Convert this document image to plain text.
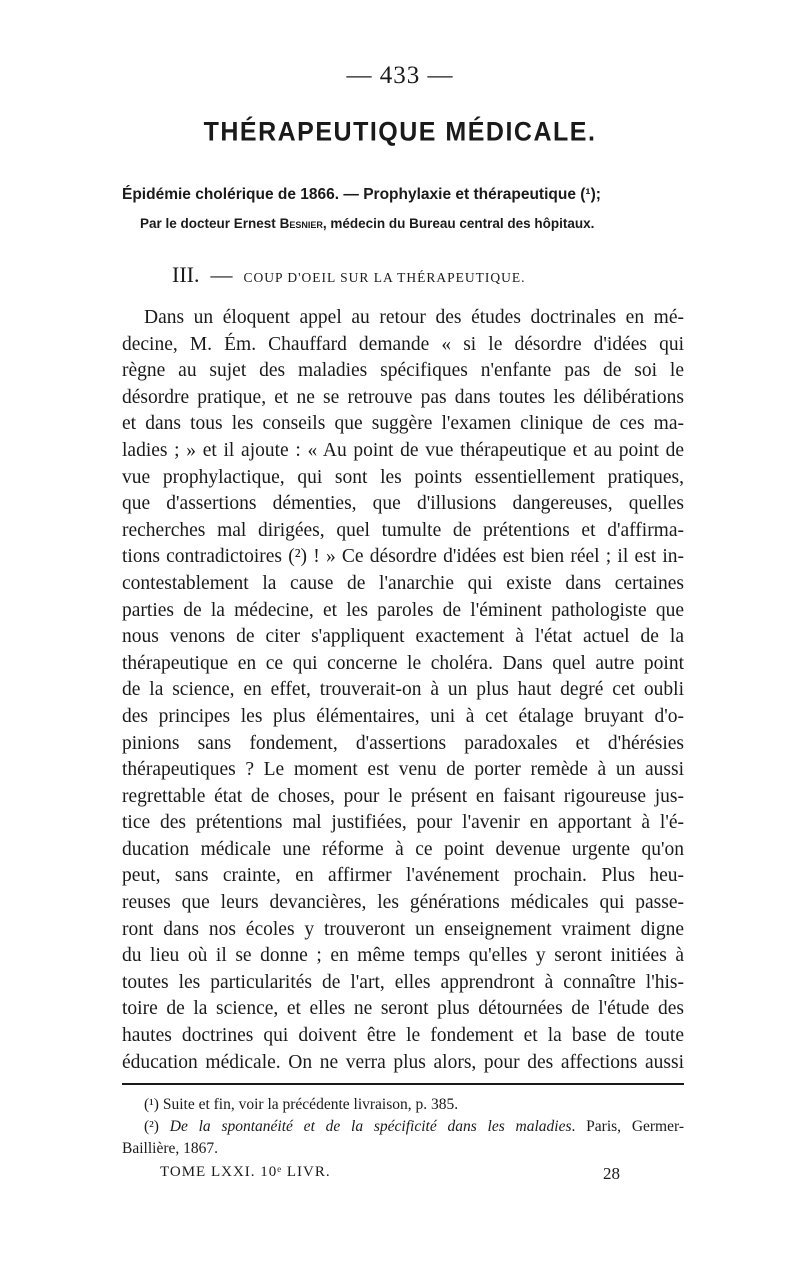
— 433 —
THÉRAPEUTIQUE MÉDICALE.
Épidémie cholérique de 1866. — Prophylaxie et thérapeutique (¹);
Par le docteur Ernest Besnier, médecin du Bureau central des hôpitaux.
III. — COUP D'OEIL SUR LA THÉRAPEUTIQUE.
Dans un éloquent appel au retour des études doctrinales en mé-
decine, M. Ém. Chauffard demande « si le désordre d'idées qui
règne au sujet des maladies spécifiques n'enfante pas de soi le
désordre pratique, et ne se retrouve pas dans toutes les délibérations
et dans tous les conseils que suggère l'examen clinique de ces ma-
ladies ; » et il ajoute : « Au point de vue thérapeutique et au point de
vue prophylactique, qui sont les points essentiellement pratiques,
que d'assertions démenties, que d'illusions dangereuses, quelles
recherches mal dirigées, quel tumulte de prétentions et d'affirma-
tions contradictoires (²) ! » Ce désordre d'idées est bien réel ; il est in-
contestablement la cause de l'anarchie qui existe dans certaines
parties de la médecine, et les paroles de l'éminent pathologiste que
nous venons de citer s'appliquent exactement à l'état actuel de la
thérapeutique en ce qui concerne le choléra. Dans quel autre point
de la science, en effet, trouverait-on à un plus haut degré cet oubli
des principes les plus élémentaires, uni à cet étalage bruyant d'o-
pinions sans fondement, d'assertions paradoxales et d'hérésies
thérapeutiques ? Le moment est venu de porter remède à un aussi
regrettable état de choses, pour le présent en faisant rigoureuse jus-
tice des prétentions mal justifiées, pour l'avenir en apportant à l'é-
ducation médicale une réforme à ce point devenue urgente qu'on
peut, sans crainte, en affirmer l'avénement prochain. Plus heu-
reuses que leurs devancières, les générations médicales qui passe-
ront dans nos écoles y trouveront un enseignement vraiment digne
du lieu où il se donne ; en même temps qu'elles y seront initiées à
toutes les particularités de l'art, elles apprendront à connaître l'his-
toire de la science, et elles ne seront plus détournées de l'étude des
hautes doctrines qui doivent être le fondement et la base de toute
éducation médicale. On ne verra plus alors, pour des affections aussi
(¹) Suite et fin, voir la précédente livraison, p. 385.
(²) De la spontanéité et de la spécificité dans les maladies. Paris, Germer-
Baillière, 1867.
TOME LXXI. 10ᵉ LIVR.	28
